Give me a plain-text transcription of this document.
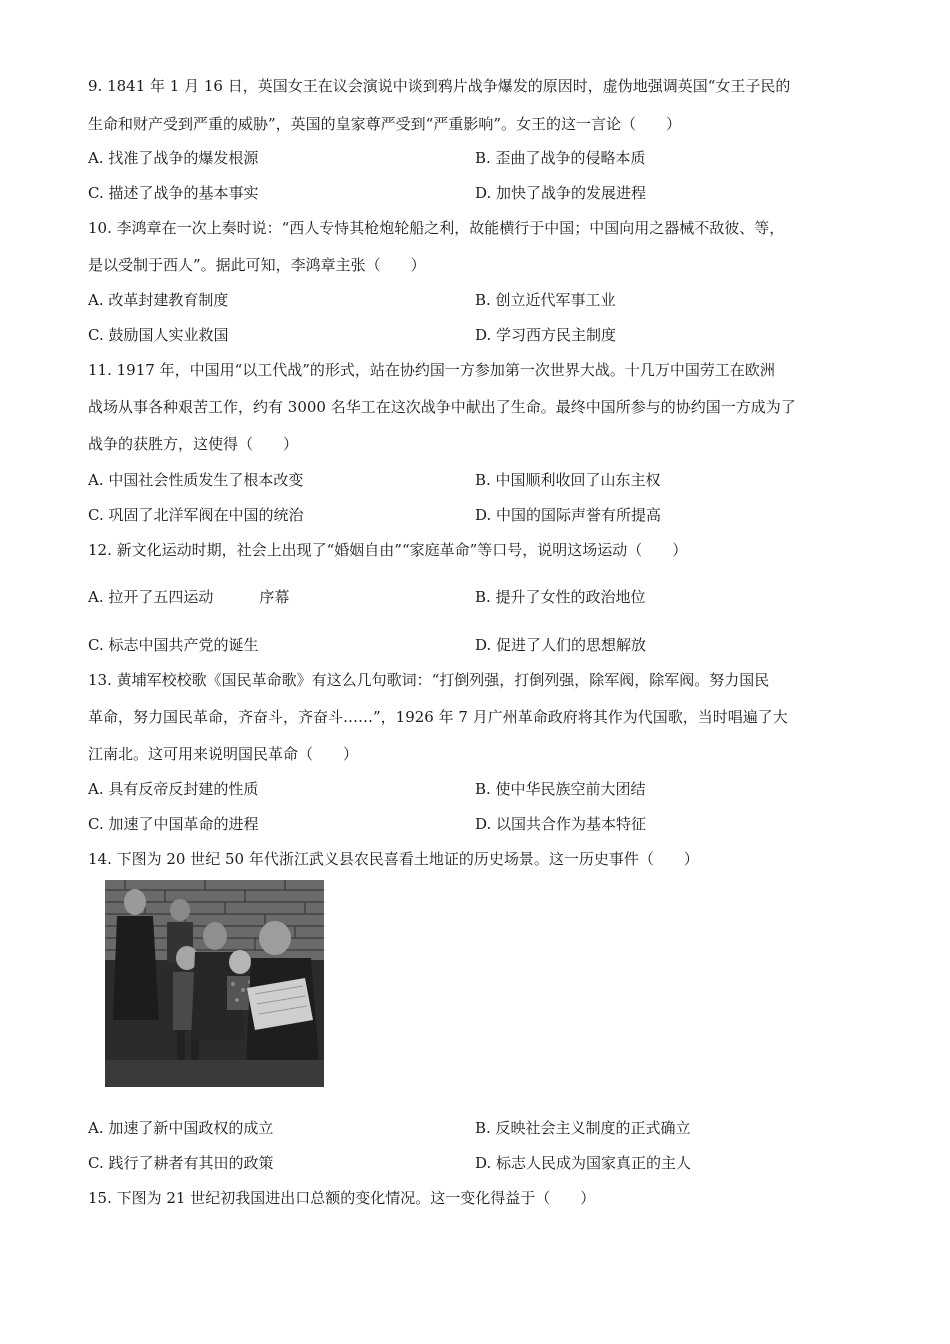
9. 1841 年 1 月 16 日，英国女王在议会演说中谈到鸦片战争爆发的原因时，虚伪地强调英国“女王子民的
生命和财产受到严重的威胁”，英国的皇家尊严受到“严重影响”。女王的这一言论（　　）
A. 找准了战争的爆发根源	B. 歪曲了战争的侵略本质
C. 描述了战争的基本事实	D. 加快了战争的发展进程
10. 李鸿章在一次上奏时说：“西人专恃其枪炮轮船之利，故能横行于中国；中国向用之器械不敌彼、等，
是以受制于西人”。据此可知，李鸿章主张（　　）
A. 改革封建教育制度	B. 创立近代军事工业
C. 鼓励国人实业救国	D. 学习西方民主制度
11. 1917 年，中国用“以工代战”的形式，站在协约国一方参加第一次世界大战。十几万中国劳工在欧洲
战场从事各种艰苦工作，约有 3000 名华工在这次战争中献出了生命。最终中国所参与的协约国一方成为了
战争的获胜方，这使得（　　）
A. 中国社会性质发生了根本改变	B. 中国顺利收回了山东主权
C. 巩固了北洋军阀在中国的统治	D. 中国的国际声誉有所提高
12. 新文化运动时期，社会上出现了“婚姻自由”“家庭革命”等口号，说明这场运动（　　）
A. 拉开了五四运动	序幕	B. 提升了女性的政治地位
C. 标志中国共产党的诞生	D. 促进了人们的思想解放
13. 黄埔军校校歌《国民革命歌》有这么几句歌词：“打倒列强，打倒列强，除军阀，除军阀。努力国民
革命，努力国民革命，齐奋斗，齐奋斗……”，1926 年 7 月广州革命政府将其作为代国歌，当时唱遍了大
江南北。这可用来说明国民革命（　　）
A. 具有反帝反封建的性质	B. 使中华民族空前大团结
C. 加速了中国革命的进程	D. 以国共合作为基本特征
14. 下图为 20 世纪 50 年代浙江武义县农民喜看土地证的历史场景。这一历史事件（　　）
A. 加速了新中国政权的成立	B. 反映社会主义制度的正式确立
C. 践行了耕者有其田的政策	D. 标志人民成为国家真正的主人
15. 下图为 21 世纪初我国进出口总额的变化情况。这一变化得益于（　　）
